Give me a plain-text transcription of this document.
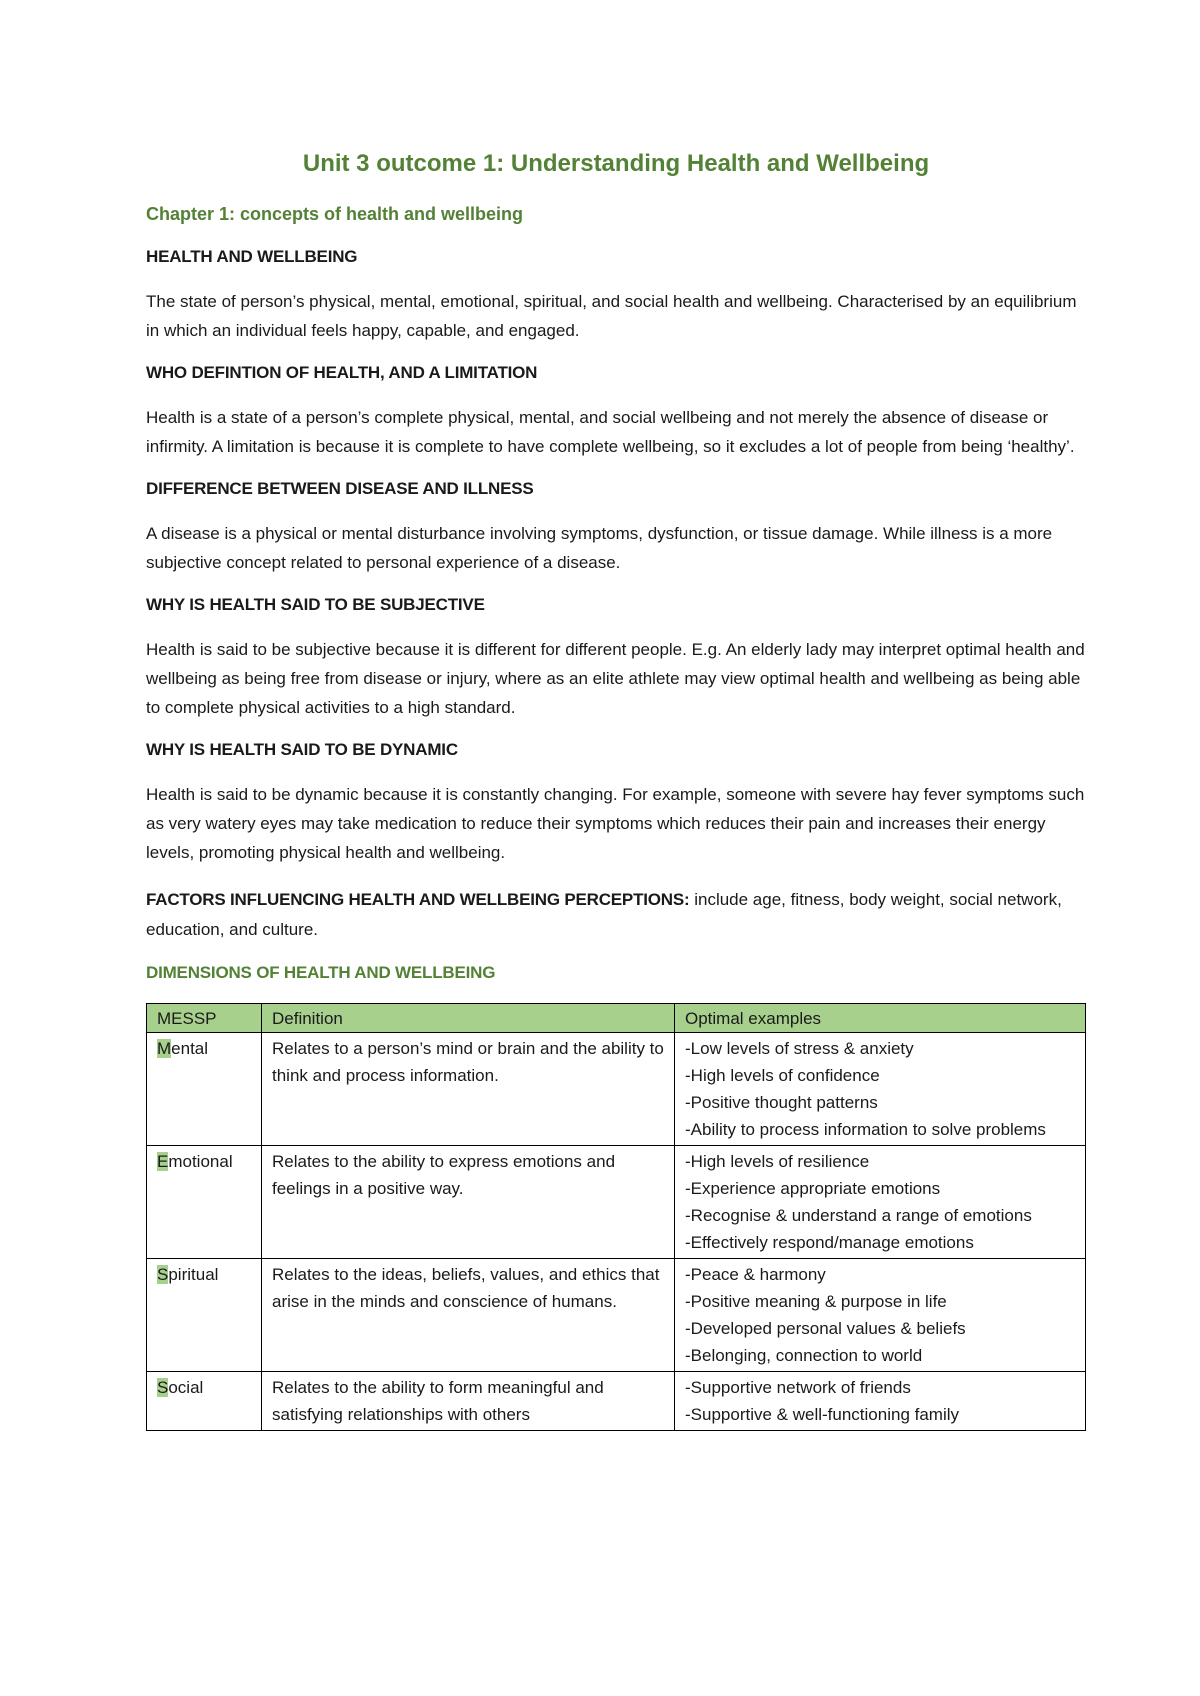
Unit 3 outcome 1: Understanding Health and Wellbeing
Chapter 1: concepts of health and wellbeing
HEALTH AND WELLBEING

The state of person’s physical, mental, emotional, spiritual, and social health and wellbeing. Characterised by an equilibrium in which an individual feels happy, capable, and engaged.

WHO DEFINTION OF HEALTH, AND A LIMITATION

Health is a state of a person’s complete physical, mental, and social wellbeing and not merely the absence of disease or infirmity. A limitation is because it is complete to have complete wellbeing, so it excludes a lot of people from being ‘healthy’.

DIFFERENCE BETWEEN DISEASE AND ILLNESS

A disease is a physical or mental disturbance involving symptoms, dysfunction, or tissue damage. While illness is a more subjective concept related to personal experience of a disease.

WHY IS HEALTH SAID TO BE SUBJECTIVE

Health is said to be subjective because it is different for different people. E.g. An elderly lady may interpret optimal health and wellbeing as being free from disease or injury, where as an elite athlete may view optimal health and wellbeing as being able to complete physical activities to a high standard.

WHY IS HEALTH SAID TO BE DYNAMIC

Health is said to be dynamic because it is constantly changing. For example, someone with severe hay fever symptoms such as very watery eyes may take medication to reduce their symptoms which reduces their pain and increases their energy levels, promoting physical health and wellbeing.

FACTORS INFLUENCING HEALTH AND WELLBEING PERCEPTIONS: include age, fitness, body weight, social network, education, and culture.

DIMENSIONS OF HEALTH AND WELLBEING
MESSP	Definition	Optimal examples
Mental	Relates to a person’s mind or brain and the ability to think and process information.	-Low levels of stress & anxiety
-High levels of confidence
-Positive thought patterns
-Ability to process information to solve problems

Emotional	Relates to the ability to express emotions and feelings in a positive way.	-High levels of resilience
-Experience appropriate emotions
-Recognise & understand a range of emotions
-Effectively respond/manage emotions

Spiritual	Relates to the ideas, beliefs, values, and ethics that arise in the minds and conscience of humans.	-Peace & harmony
-Positive meaning & purpose in life
-Developed personal values & beliefs
-Belonging, connection to world

Social	Relates to the ability to form meaningful and satisfying relationships with others	-Supportive network of friends
-Supportive & well-functioning family
